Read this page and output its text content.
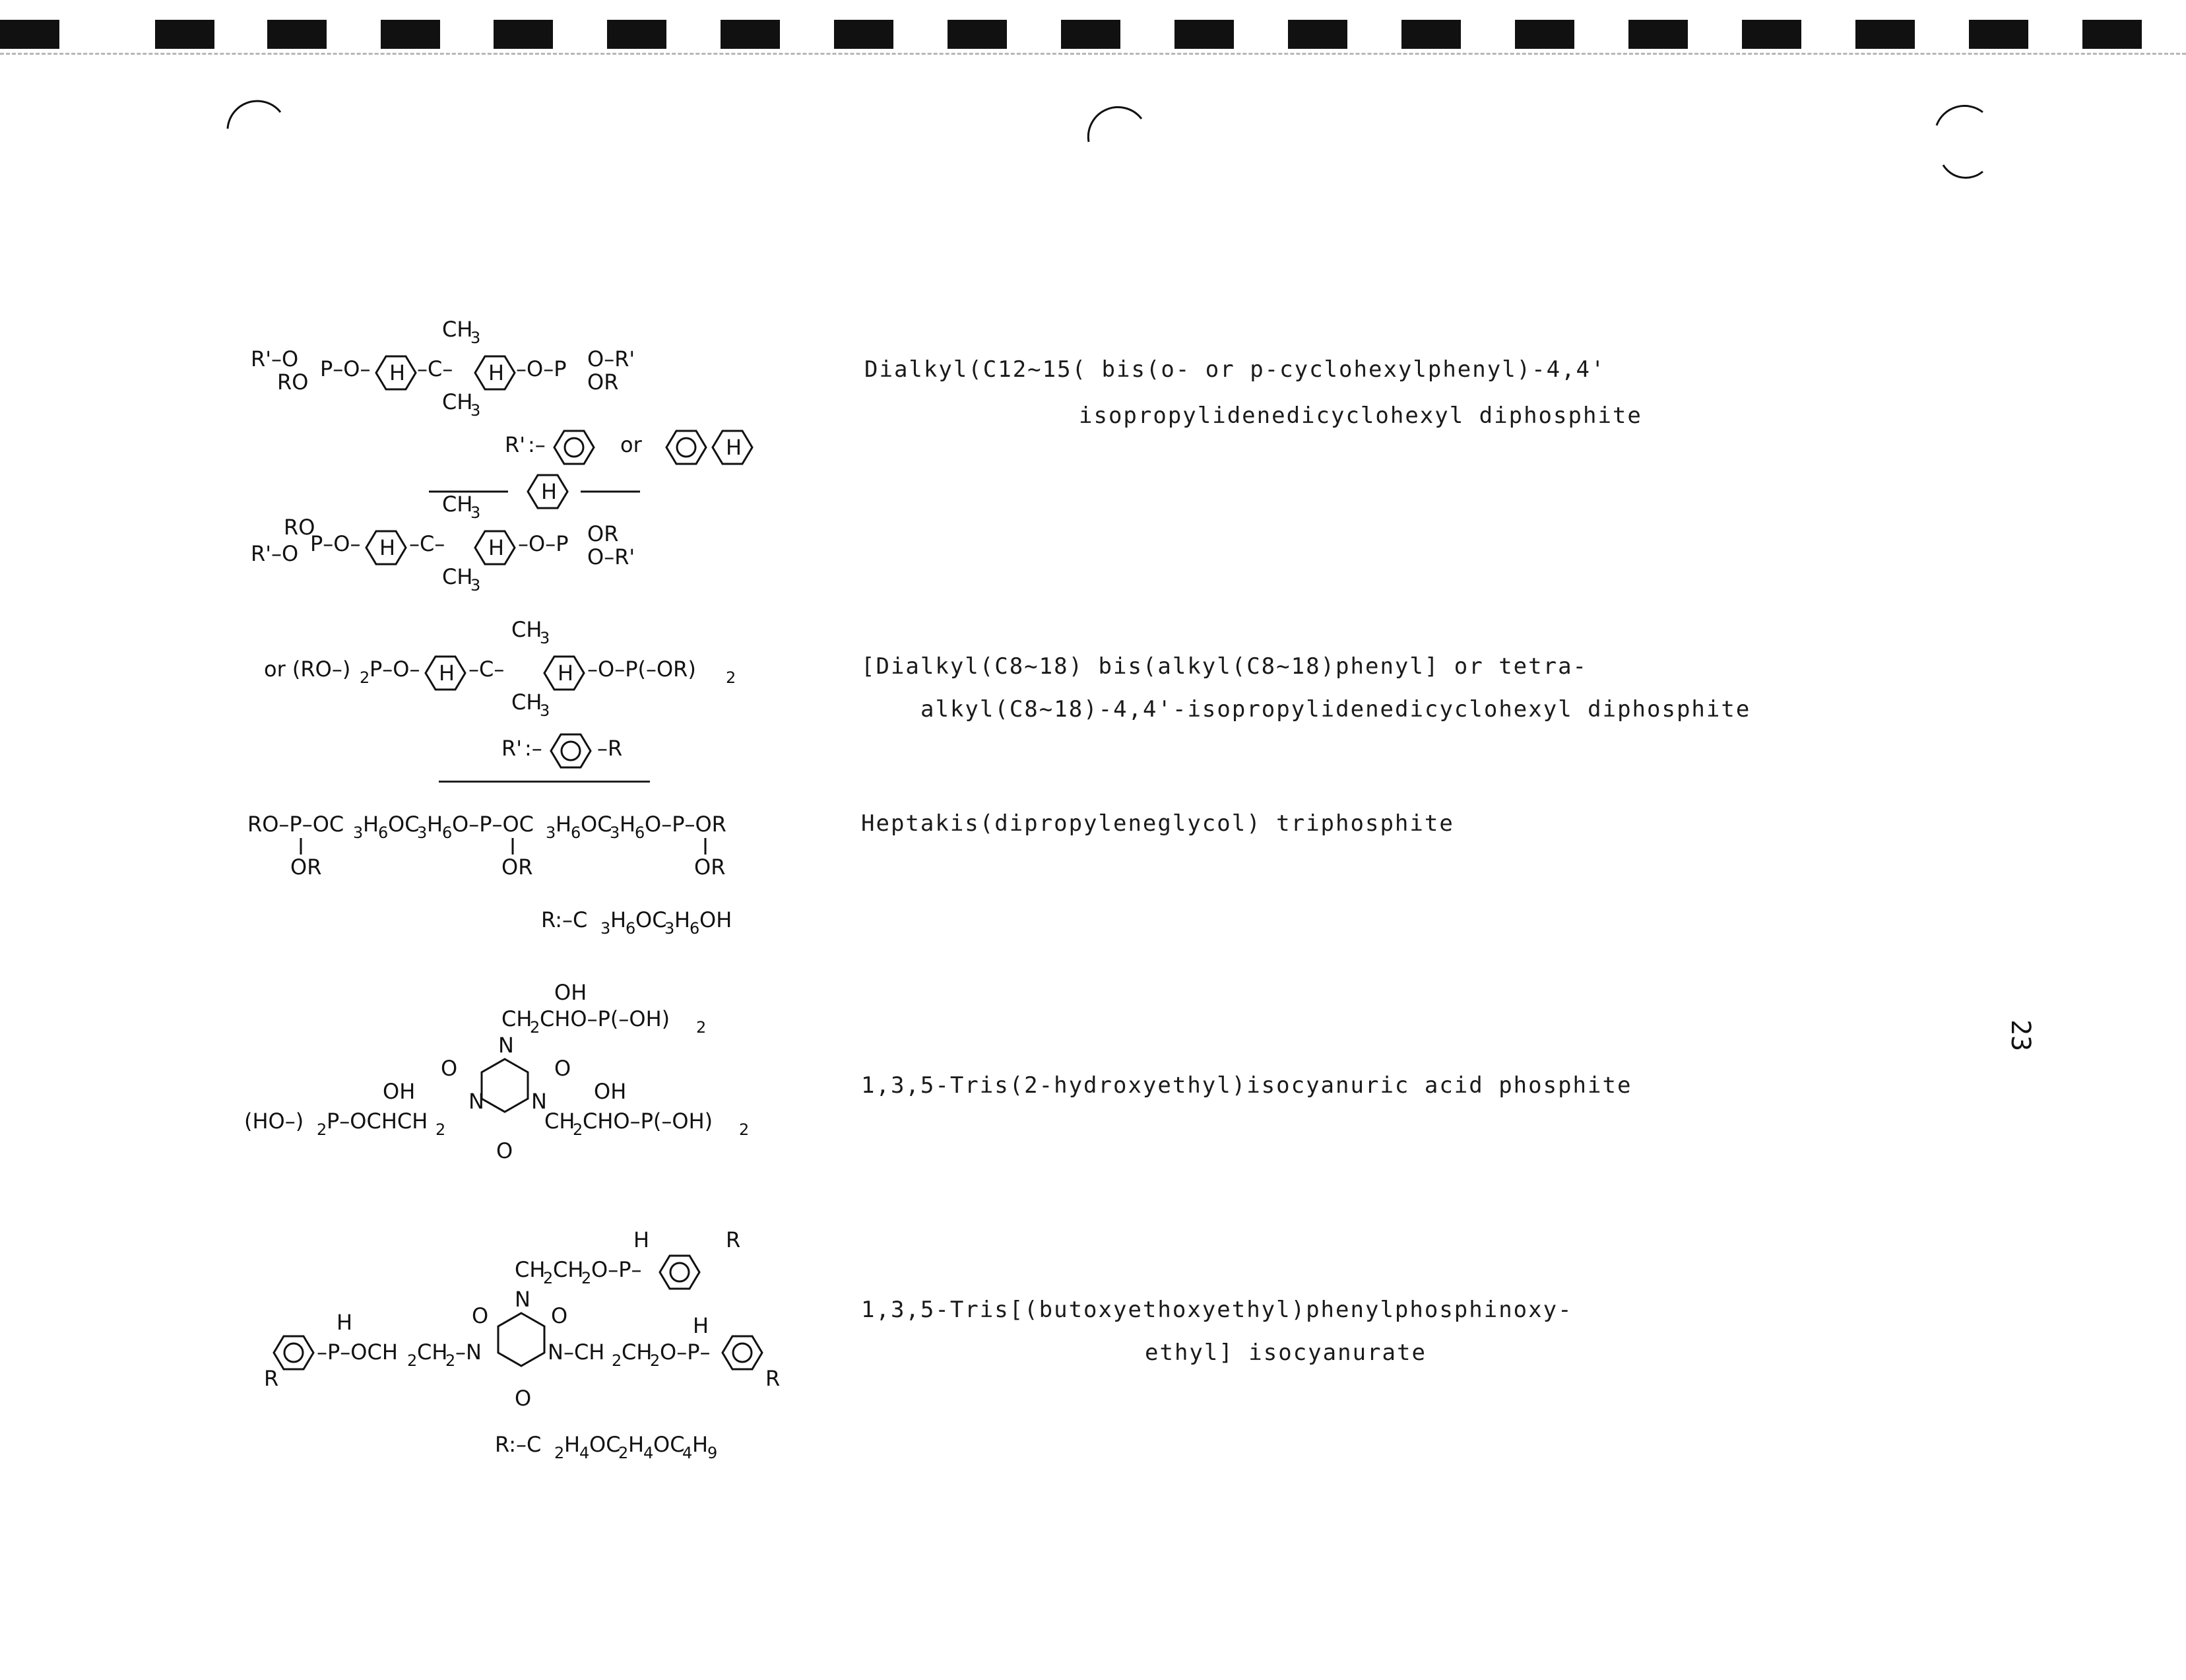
R'–O
RO
P–O– H –C–
CH
3
CH
3
H –O–P O–R'
OR
R' :–	or	H
H
Dialkyl(C12~15( bis(o- or p-cyclohexylphenyl)-4,4'
isopropylidenedicyclohexyl diphosphite
RO
R'–O P–O– H –C–
CH
3
CH
3
H –O–P OR
O–R'
or (RO–) 2 P–O– H –C–
CH
3
CH
3
H –O–P(–OR) 2
R' :–	–R
[Dialkyl(C8~18) bis(alkyl(C8~18)phenyl] or tetra-
alkyl(C8~18)-4,4'-isopropylidenedicyclohexyl diphosphite
RO–P–OC 3 H
6 OC
3 H
6 O–P–OC 3 H
6 OC
3 H
6 O–P–OR
OR	OR	OR
R:–C 3 H
6 OC
3 H
6 OH
Heptakis(dipropyleneglycol) triphosphite
OH
CH
2 CHO–P(–OH) 2
N
O	O
N N
O
OH	OH
(HO–) 2 P–OCHCH 2	CH
2 CHO–P(–OH) 2
1,3,5-Tris(2-hydroxyethyl)isocyanuric acid phosphite
H	R
CH
2 CH
2 O–P–
N
O	O
H	H
–P–OCH 2 CH
2 –N	N–CH 2 CH
2 O–P–
R	R
O
R:–C 2 H
4 OC
2 H
4 OC
4 H
9
1,3,5-Tris[(butoxyethoxyethyl)phenylphosphinoxy-
ethyl] isocyanurate
23
